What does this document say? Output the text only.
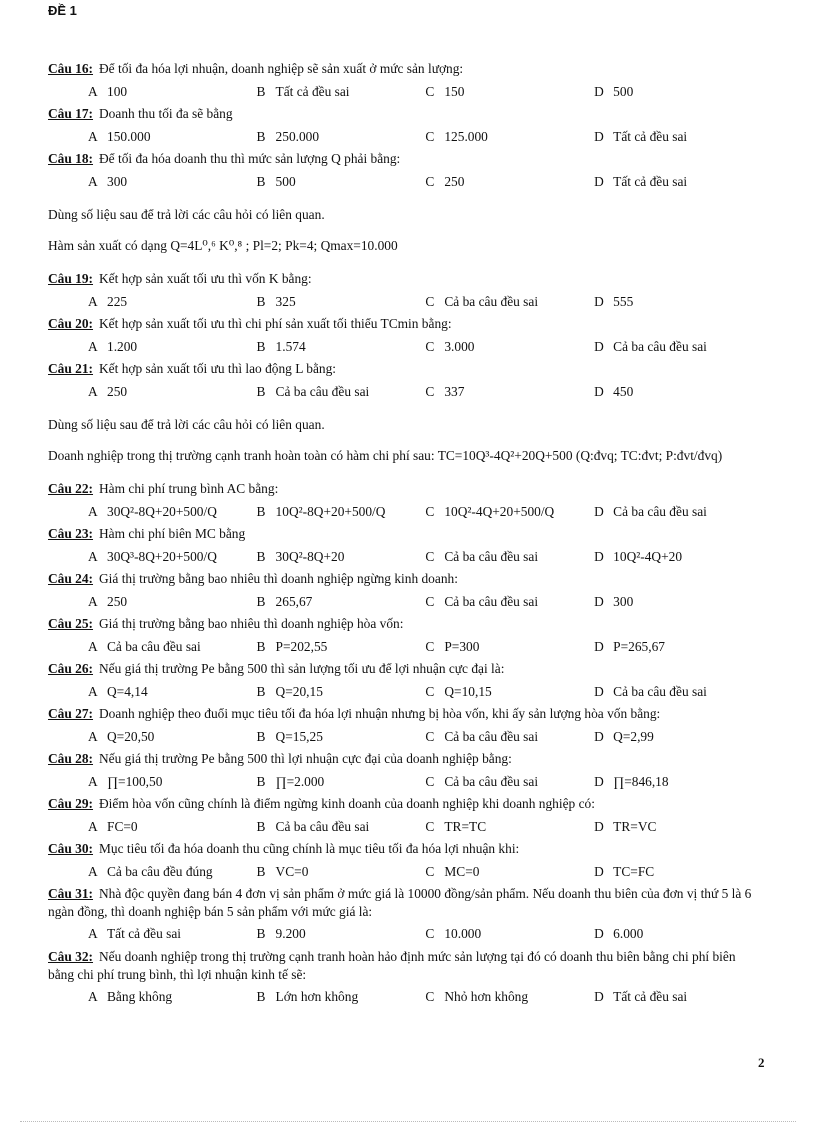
ĐỀ 1
Câu 16: Để tối đa hóa lợi nhuận, doanh nghiệp sẽ sản xuất ở mức sản lượng:
A 100	B Tất cả đều sai	C 150	D 500
Câu 17: Doanh thu tối đa sẽ bằng
A 150.000	B 250.000	C 125.000	D Tất cả đều sai
Câu 18: Để tối đa hóa doanh thu thì mức sản lượng Q phải bằng:
A 300	B 500	C 250	D Tất cả đều sai
Dùng số liệu sau để trả lời các câu hỏi có liên quan.
Hàm sản xuất có dạng Q=4L⁰,⁶ K⁰,⁸ ; Pl=2; Pk=4; Qmax=10.000
Câu 19: Kết hợp sản xuất tối ưu thì vốn K bằng:
A 225	B 325	C Cả ba câu đều sai	D 555
Câu 20: Kết hợp sản xuất tối ưu thì chi phí sản xuất tối thiểu TCmin bằng:
A 1.200	B 1.574	C 3.000	D Cả ba câu đều sai
Câu 21: Kết hợp sản xuất tối ưu thì lao động L bằng:
A 250	B Cả ba câu đều sai	C 337	D 450
Dùng số liệu sau để trả lời các câu hỏi có liên quan.
Doanh nghiệp trong thị trường cạnh tranh hoàn toàn có hàm chi phí sau: TC=10Q³-4Q²+20Q+500 (Q:đvq; TC:đvt; P:đvt/đvq)
Câu 22: Hàm chi phí trung bình AC bằng:
A 30Q²-8Q+20+500/Q	B 10Q²-8Q+20+500/Q	C 10Q²-4Q+20+500/Q	D Cả ba câu đều sai
Câu 23: Hàm chi phí biên MC bằng
A 30Q³-8Q+20+500/Q	B 30Q²-8Q+20	C Cả ba câu đều sai	D 10Q²-4Q+20
Câu 24: Giá thị trường bằng bao nhiêu thì doanh nghiệp ngừng kinh doanh:
A 250	B 265,67	C Cả ba câu đều sai	D 300
Câu 25: Giá thị trường bằng bao nhiêu thì doanh nghiệp hòa vốn:
A Cả ba câu đều sai	B P=202,55	C P=300	D P=265,67
Câu 26: Nếu giá thị trường Pe bằng 500 thì sản lượng tối ưu để lợi nhuận cực đại là:
A Q=4,14	B Q=20,15	C Q=10,15	D Cả ba câu đều sai
Câu 27: Doanh nghiệp theo đuổi mục tiêu tối đa hóa lợi nhuận nhưng bị hòa vốn, khi ấy sản lượng hòa vốn bằng:
A Q=20,50	B Q=15,25	C Cả ba câu đều sai	D Q=2,99
Câu 28: Nếu giá thị trường Pe bằng 500 thì lợi nhuận cực đại của doanh nghiệp bằng:
A ∏=100,50	B ∏=2.000	C Cả ba câu đều sai	D ∏=846,18
Câu 29: Điểm hòa vốn cũng chính là điểm ngừng kinh doanh của doanh nghiệp khi doanh nghiệp có:
A FC=0	B Cả ba câu đều sai	C TR=TC	D TR=VC
Câu 30: Mục tiêu tối đa hóa doanh thu cũng chính là mục tiêu tối đa hóa lợi nhuận khi:
A Cả ba câu đều đúng	B VC=0	C MC=0	D TC=FC
Câu 31: Nhà độc quyền đang bán 4 đơn vị sản phẩm ở mức giá là 10000 đồng/sản phẩm. Nếu doanh thu biên của đơn vị thứ 5 là 6 ngàn đồng, thì doanh nghiệp bán 5 sản phẩm với mức giá là:
A Tất cả đều sai	B 9.200	C 10.000	D 6.000
Câu 32: Nếu doanh nghiệp trong thị trường cạnh tranh hoàn hảo định mức sản lượng tại đó có doanh thu biên bằng chi phí biên bằng chi phí trung bình, thì lợi nhuận kinh tế sẽ:
A Bằng không	B Lớn hơn không	C Nhỏ hơn không	D Tất cả đều sai
2
